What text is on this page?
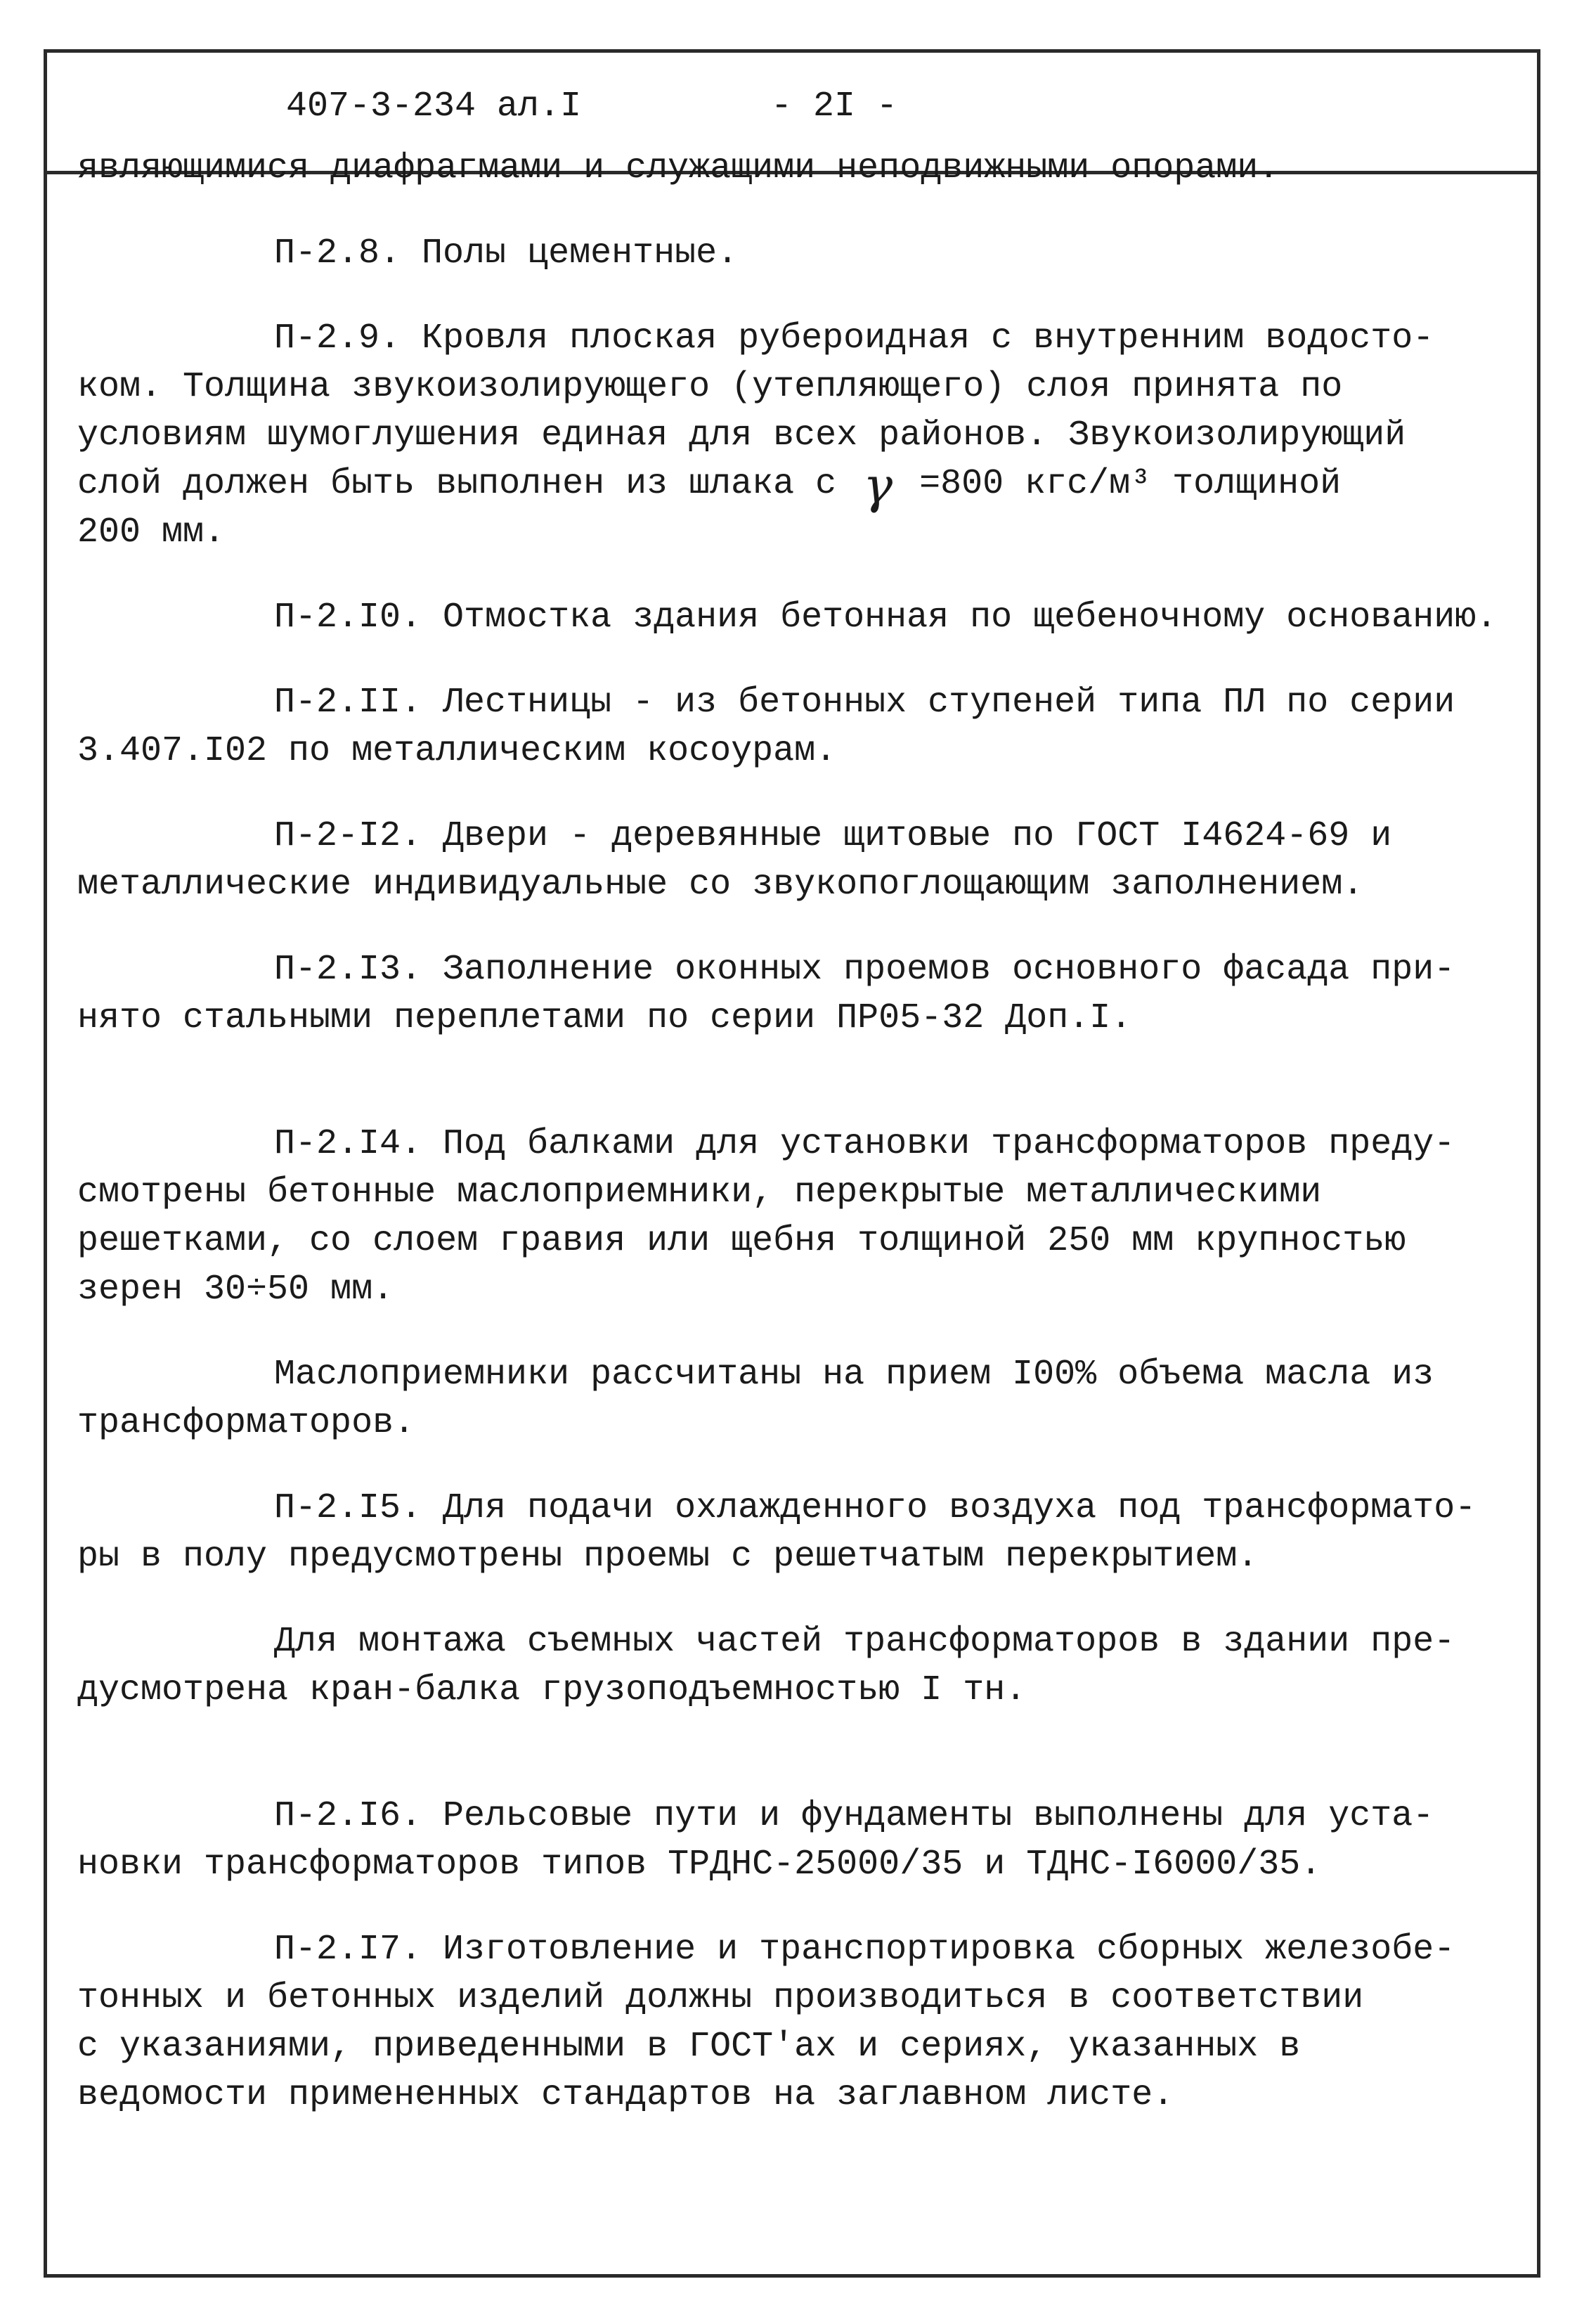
407-3-234 ал.I	- 2I -

являющимися диафрагмами и служащими неподвижными опорами.

П-2.8. Полы цементные.

П-2.9. Кровля плоская рубероидная с внутренним водосто-
ком. Толщина звукоизолирующего (утепляющего) слоя принята по
условиям шумоглушения единая для всех районов. Звукоизолирующий
слой должен быть выполнен из шлака с γ =800 кгс/м³ толщиной
200 мм.

П-2.I0. Отмостка здания бетонная по щебеночному основанию.

П-2.II. Лестницы - из бетонных ступеней типа ПЛ по серии
3.407.I02 по металлическим косоурам.

П-2-I2. Двери - деревянные щитовые по ГОСТ I4624-69 и
металлические индивидуальные со звукопоглощающим заполнением.

П-2.I3. Заполнение оконных проемов основного фасада при-
нято стальными переплетами по серии ПР05-32 Доп.I.

П-2.I4. Под балками для установки трансформаторов преду-
смотрены бетонные маслоприемники, перекрытые металлическими
решетками, со слоем гравия или щебня толщиной 250 мм крупностью
зерен 30÷50 мм.

Маслоприемники рассчитаны на прием I00% объема масла из
трансформаторов.

П-2.I5. Для подачи охлажденного воздуха под трансформато-
ры в полу предусмотрены проемы с решетчатым перекрытием.

Для монтажа съемных частей трансформаторов в здании пре-
дусмотрена кран-балка грузоподъемностью I тн.

П-2.I6. Рельсовые пути и фундаменты выполнены для уста-
новки трансформаторов типов ТРДНС-25000/35 и ТДНС-I6000/35.

П-2.I7. Изготовление и транспортировка сборных железобе-
тонных и бетонных изделий должны производиться в соответствии
с указаниями, приведенными в ГОСТ'ах и сериях, указанных в
ведомости примененных стандартов на заглавном листе.
